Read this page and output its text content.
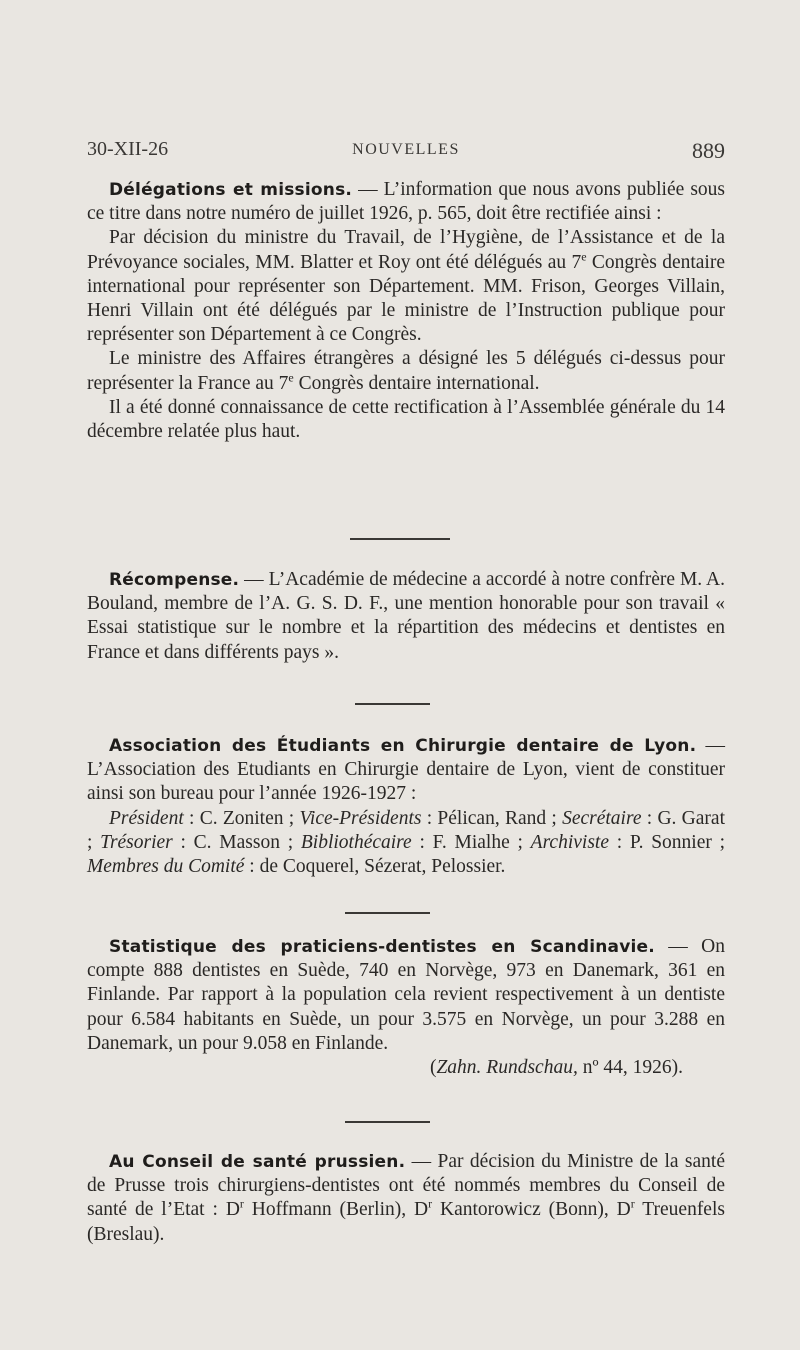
30-XII-26	NOUVELLES	889

Délégations et missions. — L’information que nous avons publiée sous ce titre dans notre numéro de juillet 1926, p. 565, doit être rectifiée ainsi :

Par décision du ministre du Travail, de l’Hygiène, de l’Assistance et de la Prévoyance sociales, MM. Blatter et Roy ont été délégués au 7e Congrès dentaire international pour représenter son Département. MM. Frison, Georges Villain, Henri Villain ont été délégués par le ministre de l’Instruction publique pour représenter son Département à ce Congrès.

Le ministre des Affaires étrangères a désigné les 5 délégués ci-dessus pour représenter la France au 7e Congrès dentaire international.

Il a été donné connaissance de cette rectification à l’Assemblée générale du 14 décembre relatée plus haut.

Récompense. — L’Académie de médecine a accordé à notre confrère M. A. Bouland, membre de l’A. G. S. D. F., une mention honorable pour son travail « Essai statistique sur le nombre et la répartition des médecins et dentistes en France et dans différents pays ».

Association des Étudiants en Chirurgie dentaire de Lyon. — L’Association des Etudiants en Chirurgie dentaire de Lyon, vient de constituer ainsi son bureau pour l’année 1926-1927 :

Président : C. Zoniten ; Vice-Présidents : Pélican, Rand ; Secrétaire : G. Garat ; Trésorier : C. Masson ; Bibliothécaire : F. Mialhe ; Archiviste : P. Sonnier ; Membres du Comité : de Coquerel, Sézerat, Pelossier.

Statistique des praticiens-dentistes en Scandinavie. — On compte 888 dentistes en Suède, 740 en Norvège, 973 en Danemark, 361 en Finlande. Par rapport à la population cela revient respectivement à un dentiste pour 6.584 habitants en Suède, un pour 3.575 en Norvège, un pour 3.288 en Danemark, un pour 9.058 en Finlande.

(Zahn. Rundschau, nº 44, 1926).

Au Conseil de santé prussien. — Par décision du Ministre de la santé de Prusse trois chirurgiens-dentistes ont été nommés membres du Conseil de santé de l’Etat : $D^r$ Hoffmann (Berlin), $D^r$ Kantorowicz (Bonn), $D^r$ Treuenfels (Breslau).
